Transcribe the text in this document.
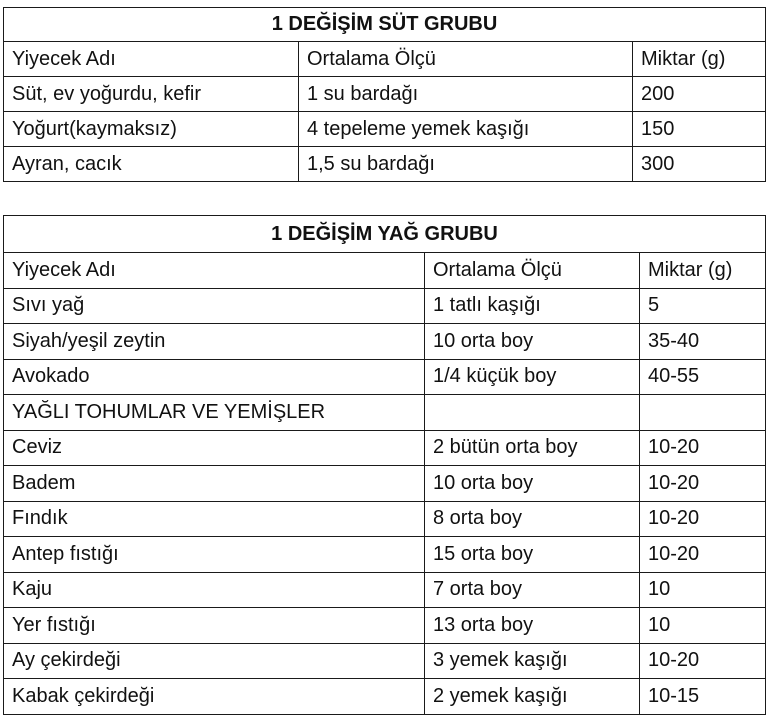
1 DEĞİŞİM SÜT GRUBU		
Yiyecek Adı	Ortalama Ölçü	Miktar (g)
Süt, ev yoğurdu, kefir	1 su bardağı	200
Yoğurt(kaymaksız)	4 tepeleme yemek kaşığı	150
Ayran, cacık	1,5 su bardağı	300
1 DEĞİŞİM YAĞ GRUBU		
Yiyecek Adı	Ortalama Ölçü	Miktar (g)
Sıvı yağ	1 tatlı kaşığı	5
Siyah/yeşil zeytin	10 orta boy	35-40
Avokado	1/4 küçük boy	40-55
YAĞLI TOHUMLAR VE YEMİŞLER		
Ceviz	2 bütün orta boy	10-20
Badem	10 orta boy	10-20
Fındık	8 orta boy	10-20
Antep fıstığı	15 orta boy	10-20
Kaju	7 orta boy	10
Yer fıstığı	13 orta boy	10
Ay çekirdeği	3 yemek kaşığı	10-20
Kabak çekirdeği	2 yemek kaşığı	10-15
